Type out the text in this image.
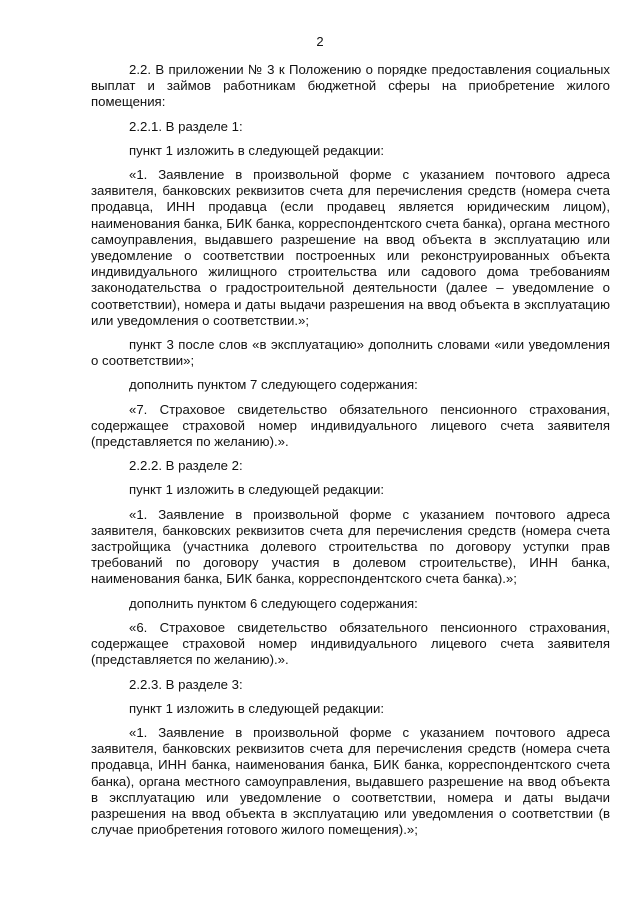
2

2.2. В приложении № 3 к Положению о порядке предоставления социальных выплат и займов работникам бюджетной сферы на приобретение жилого помещения:

2.2.1. В разделе 1:

пункт 1 изложить в следующей редакции:

«1. Заявление в произвольной форме с указанием почтового адреса заявителя, банковских реквизитов счета для перечисления средств (номера счета продавца, ИНН продавца (если продавец является юридическим лицом), наименования банка, БИК банка, корреспондентского счета банка), органа местного самоуправления, выдавшего разрешение на ввод объекта в эксплуатацию или уведомление о соответствии построенных или реконструированных объекта индивидуального жилищного строительства или садового дома требованиям законодательства о градостроительной деятельности (далее – уведомление о соответствии), номера и даты выдачи разрешения на ввод объекта в эксплуатацию или уведомления о соответствии.»;

пункт 3 после слов «в эксплуатацию» дополнить словами «или уведомления о соответствии»;

дополнить пунктом 7 следующего содержания:

«7. Страховое свидетельство обязательного пенсионного страхования, содержащее страховой номер индивидуального лицевого счета заявителя (представляется по желанию).».

2.2.2. В разделе 2:

пункт 1 изложить в следующей редакции:

«1. Заявление в произвольной форме с указанием почтового адреса заявителя, банковских реквизитов счета для перечисления средств (номера счета застройщика (участника долевого строительства по договору уступки прав требований по договору участия в долевом строительстве), ИНН банка, наименования банка, БИК банка, корреспондентского счета банка).»;

дополнить пунктом 6 следующего содержания:

«6. Страховое свидетельство обязательного пенсионного страхования, содержащее страховой номер индивидуального лицевого счета заявителя (представляется по желанию).».

2.2.3. В разделе 3:

пункт 1 изложить в следующей редакции:

«1. Заявление в произвольной форме с указанием почтового адреса заявителя, банковских реквизитов счета для перечисления средств (номера счета продавца, ИНН банка, наименования банка, БИК банка, корреспондентского счета банка), органа местного самоуправления, выдавшего разрешение на ввод объекта в эксплуатацию или уведомление о соответствии, номера и даты выдачи разрешения на ввод объекта в эксплуатацию или уведомления о соответствии (в случае приобретения готового жилого помещения).»;
